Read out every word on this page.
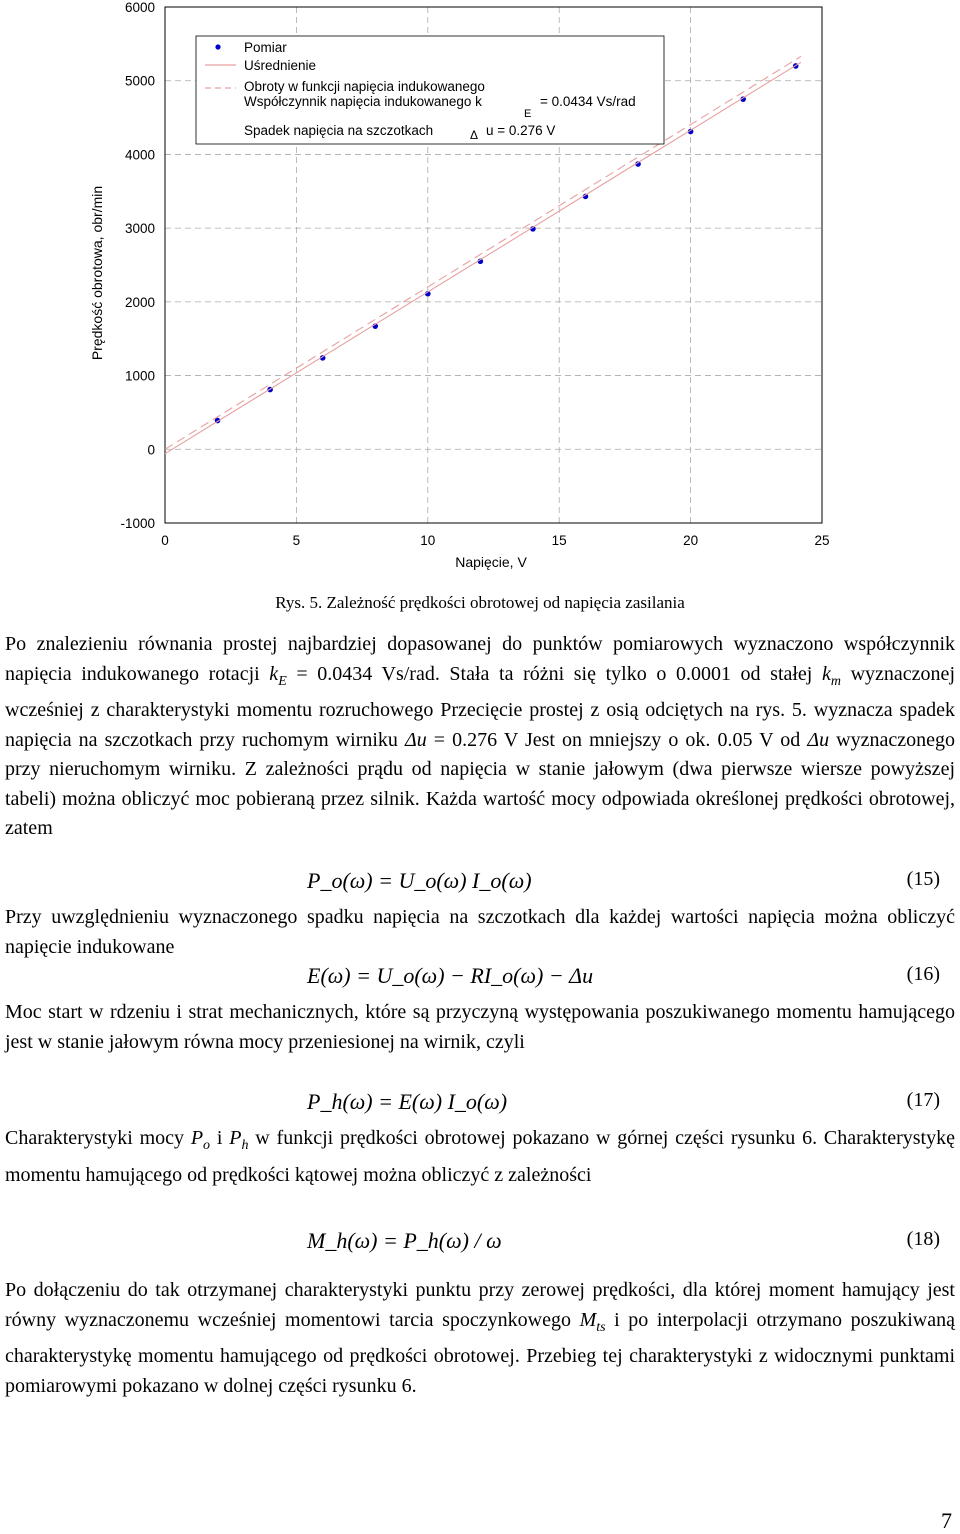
0	5	10	15	20	25
-1000
0
1000
2000
3000
4000
5000
6000
Prędkość obrotowa, obr/min
Napięcie, V
Pomiar
Uśrednienie
Obroty w funkcji napięcia indukowanego
Współczynnik napięcia indukowanego k
E
= 0.0434 Vs/rad
Spadek napięcia na szczotkach	Δ u = 0.276 V
Rys. 5. Zależność prędkości obrotowej od napięcia zasilania
Po znalezieniu równania prostej najbardziej dopasowanej do punktów pomiarowych wyznaczono współczynnik napięcia indukowanego rotacji $k_E = 0.0434$ Vs/rad. Stała ta różni się tylko o 0.0001 od stałej $k_m$ wyznaczonej wcześniej z charakterystyki momentu rozruchowego Przecięcie prostej z osią odciętych na rys. 5. wyznacza spadek napięcia na szczotkach przy ruchomym wirniku Δu = 0.276 V Jest on mniejszy o ok. 0.05 V od Δu wyznaczonego przy nieruchomym wirniku. Z zależności prądu od napięcia w stanie jałowym (dwa pierwsze wiersze powyższej tabeli) można obliczyć moc pobieraną przez silnik. Każda wartość mocy odpowiada określonej prędkości obrotowej, zatem
P_o(ω) = U_o(ω) I_o(ω)	(15)
Przy uwzględnieniu wyznaczonego spadku napięcia na szczotkach dla każdej wartości napięcia można obliczyć napięcie indukowane
E(ω) = U_o(ω) − RI_o(ω) − Δu	(16)
Moc start w rdzeniu i strat mechanicznych, które są przyczyną występowania poszukiwanego momentu hamującego jest w stanie jałowym równa mocy przeniesionej na wirnik, czyli
P_h(ω) = E(ω) I_o(ω)	(17)
Charakterystyki mocy $P_o$ i $P_h$ w funkcji prędkości obrotowej pokazano w górnej części rysunku 6. Charakterystykę momentu hamującego od prędkości kątowej można obliczyć z zależności
M_h(ω) = P_h(ω) / ω	(18)
Po dołączeniu do tak otrzymanej charakterystyki punktu przy zerowej prędkości, dla której moment hamujący jest równy wyznaczonemu wcześniej momentowi tarcia spoczynkowego $M_{ts}$ i po interpolacji otrzymano poszukiwaną charakterystykę momentu hamującego od prędkości obrotowej. Przebieg tej charakterystyki z widocznymi punktami pomiarowymi pokazano w dolnej części rysunku 6.
7
